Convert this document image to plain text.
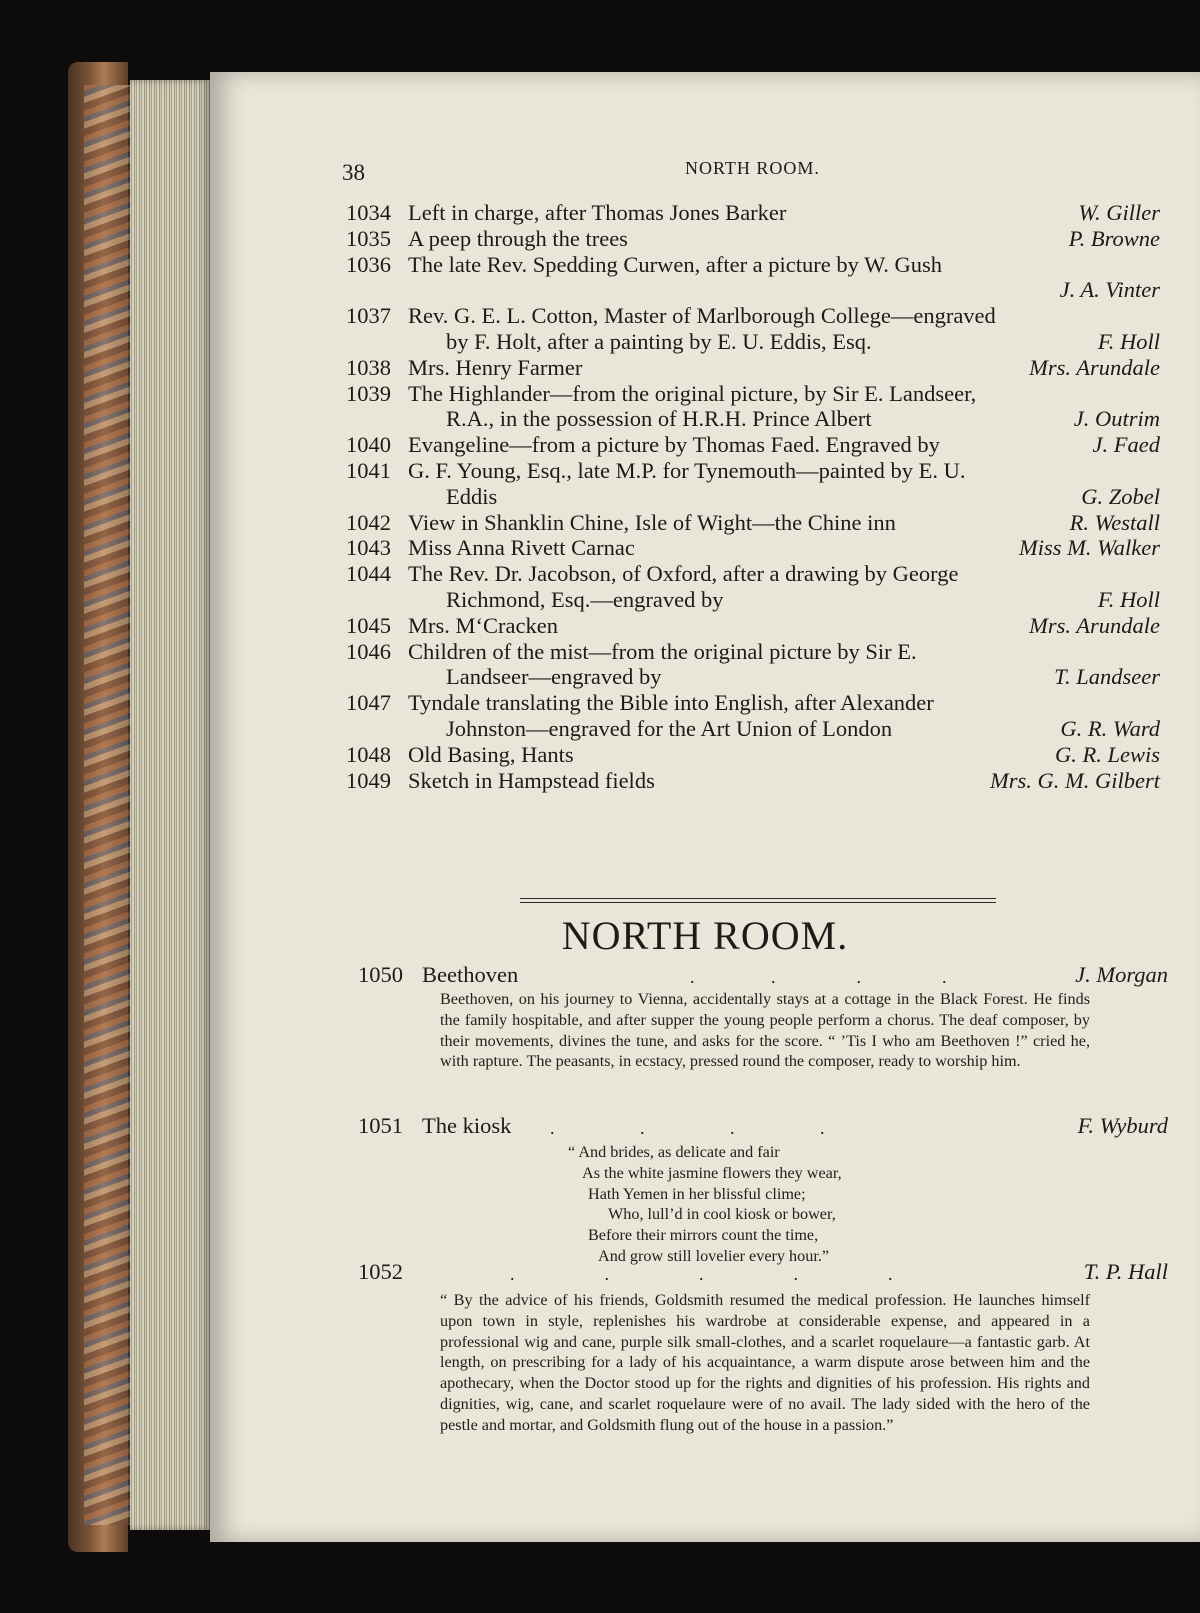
38	NORTH ROOM.
1034 Left in charge, after Thomas Jones Barker	W. Giller
1035 A peep through the trees	P. Browne
1036 The late Rev. Spedding Curwen, after a picture by W. Gush
J. A. Vinter
1037 Rev. G. E. L. Cotton, Master of Marlborough College—engraved
by F. Holt, after a painting by E. U. Eddis, Esq.	F. Holl
1038 Mrs. Henry Farmer	Mrs. Arundale
1039 The Highlander—from the original picture, by Sir E. Landseer,
R.A., in the possession of H.R.H. Prince Albert	J. Outrim
1040 Evangeline—from a picture by Thomas Faed. Engraved by	J. Faed
1041 G. F. Young, Esq., late M.P. for Tynemouth—painted by E. U.
Eddis	G. Zobel
1042 View in Shanklin Chine, Isle of Wight—the Chine inn	R. Westall
1043 Miss Anna Rivett Carnac	Miss M. Walker
1044 The Rev. Dr. Jacobson, of Oxford, after a drawing by George
Richmond, Esq.—engraved by	F. Holl
1045 Mrs. M‘Cracken	Mrs. Arundale
1046 Children of the mist—from the original picture by Sir E.
Landseer—engraved by	T. Landseer
1047 Tyndale translating the Bible into English, after Alexander
Johnston—engraved for the Art Union of London	G. R. Ward
1048 Old Basing, Hants	G. R. Lewis
1049 Sketch in Hampstead fields	Mrs. G. M. Gilbert
NORTH ROOM.
1050 Beethoven	.                 .                  .                  .	J. Morgan
Beethoven, on his journey to Vienna, accidentally stays at a cottage in the Black Forest. He finds the family hospitable, and after supper the young people perform a chorus. The deaf composer, by their movements, divines the tune, and asks for the score. “ ’Tis I who am Beethoven !” cried he, with rapture. The peasants, in ecstacy, pressed round the composer, ready to worship him.
1051 The kiosk .                   .                   .                   .	F. Wyburd
“ And brides, as delicate and fair
As the white jasmine flowers they wear,
Hath Yemen in her blissful clime;
Who, lull’d in cool kiosk or bower,
Before their mirrors count the time,
And grow still lovelier every hour.”
1052	.                    .                    .                    .                    .	T. P. Hall
“ By the advice of his friends, Goldsmith resumed the medical profession. He launches himself upon town in style, replenishes his wardrobe at considerable expense, and appeared in a professional wig and cane, purple silk small-clothes, and a scarlet roquelaure—a fantastic garb. At length, on prescribing for a lady of his acquaintance, a warm dispute arose between him and the apothecary, when the Doctor stood up for the rights and dignities of his profession. His rights and dignities, wig, cane, and scarlet roquelaure were of no avail. The lady sided with the hero of the pestle and mortar, and Goldsmith flung out of the house in a passion.”
